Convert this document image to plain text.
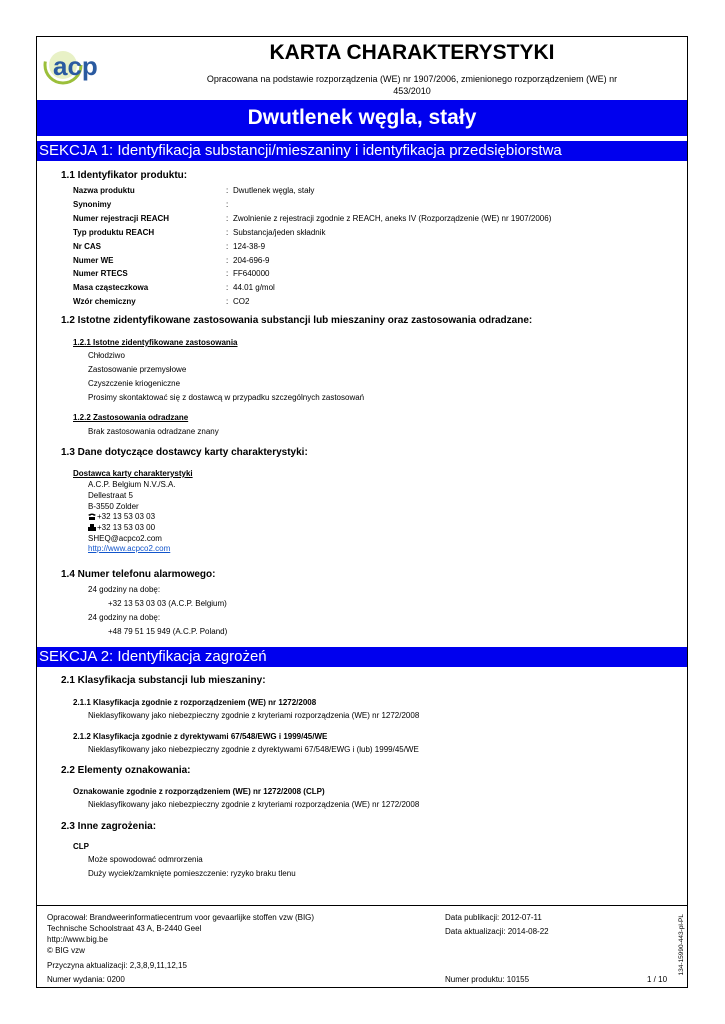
acp	KARTA CHARAKTERYSTYKI
Opracowana na podstawie rozporządzenia (WE) nr 1907/2006, zmienionego rozporządzeniem (WE) nr 453/2010
Dwutlenek węgla, stały
SEKCJA 1: Identyfikacja substancji/mieszaniny i identyfikacja przedsiębiorstwa
1.1 Identyfikator produktu:
Nazwa produktu	: Dwutlenek węgla, stały
Synonimy	:
Numer rejestracji REACH	: Zwolnienie z rejestracji zgodnie z REACH, aneks IV (Rozporządzenie (WE) nr 1907/2006)
Typ produktu REACH	: Substancja/jeden składnik
Nr CAS	: 124-38-9
Numer WE	: 204-696-9
Numer RTECS	: FF640000
Masa cząsteczkowa	: 44.01 g/mol
Wzór chemiczny	: CO2
1.2 Istotne zidentyfikowane zastosowania substancji lub mieszaniny oraz zastosowania odradzane:
1.2.1 Istotne zidentyfikowane zastosowania
Chłodziwo
Zastosowanie przemysłowe
Czyszczenie kriogeniczne
Prosimy skontaktować się z dostawcą w przypadku szczególnych zastosowań
1.2.2 Zastosowania odradzane
Brak zastosowania odradzane znany
1.3 Dane dotyczące dostawcy karty charakterystyki:
Dostawca karty charakterystyki
A.C.P. Belgium N.V./S.A.
Dellestraat 5
B-3550 Zolder
+32 13 53 03 03
+32 13 53 03 00
SHEQ@acpco2.com
http://www.acpco2.com
1.4 Numer telefonu alarmowego:
24 godziny na dobę:
+32 13 53 03 03 (A.C.P. Belgium)
24 godziny na dobę:
+48 79 51 15 949 (A.C.P. Poland)
SEKCJA 2: Identyfikacja zagrożeń
2.1 Klasyfikacja substancji lub mieszaniny:
2.1.1 Klasyfikacja zgodnie z rozporządzeniem (WE) nr 1272/2008
Nieklasyfikowany jako niebezpieczny zgodnie z kryteriami rozporządzenia (WE) nr 1272/2008
2.1.2 Klasyfikacja zgodnie z dyrektywami 67/548/EWG i 1999/45/WE
Nieklasyfikowany jako niebezpieczny zgodnie z dyrektywami 67/548/EWG i (lub) 1999/45/WE
2.2 Elementy oznakowania:
Oznakowanie zgodnie z rozporządzeniem (WE) nr 1272/2008 (CLP)
Nieklasyfikowany jako niebezpieczny zgodnie z kryteriami rozporządzenia (WE) nr 1272/2008
2.3 Inne zagrożenia:
CLP
Może spowodować odmrorzenia
Duży wyciek/zamknięte pomieszczenie: ryzyko braku tlenu
Opracował: Brandweerinformatiecentrum voor gevaarlijke stoffen vzw (BIG)
Technische Schoolstraat 43 A, B-2440 Geel
http://www.big.be
© BIG vzw
Przyczyna aktualizacji: 2,3,8,9,11,12,15
Numer wydania: 0200
Data publikacji: 2012-07-11
Data aktualizacji: 2014-08-22
Numer produktu: 10155	1 / 10
134-15990-443-pl-PL
